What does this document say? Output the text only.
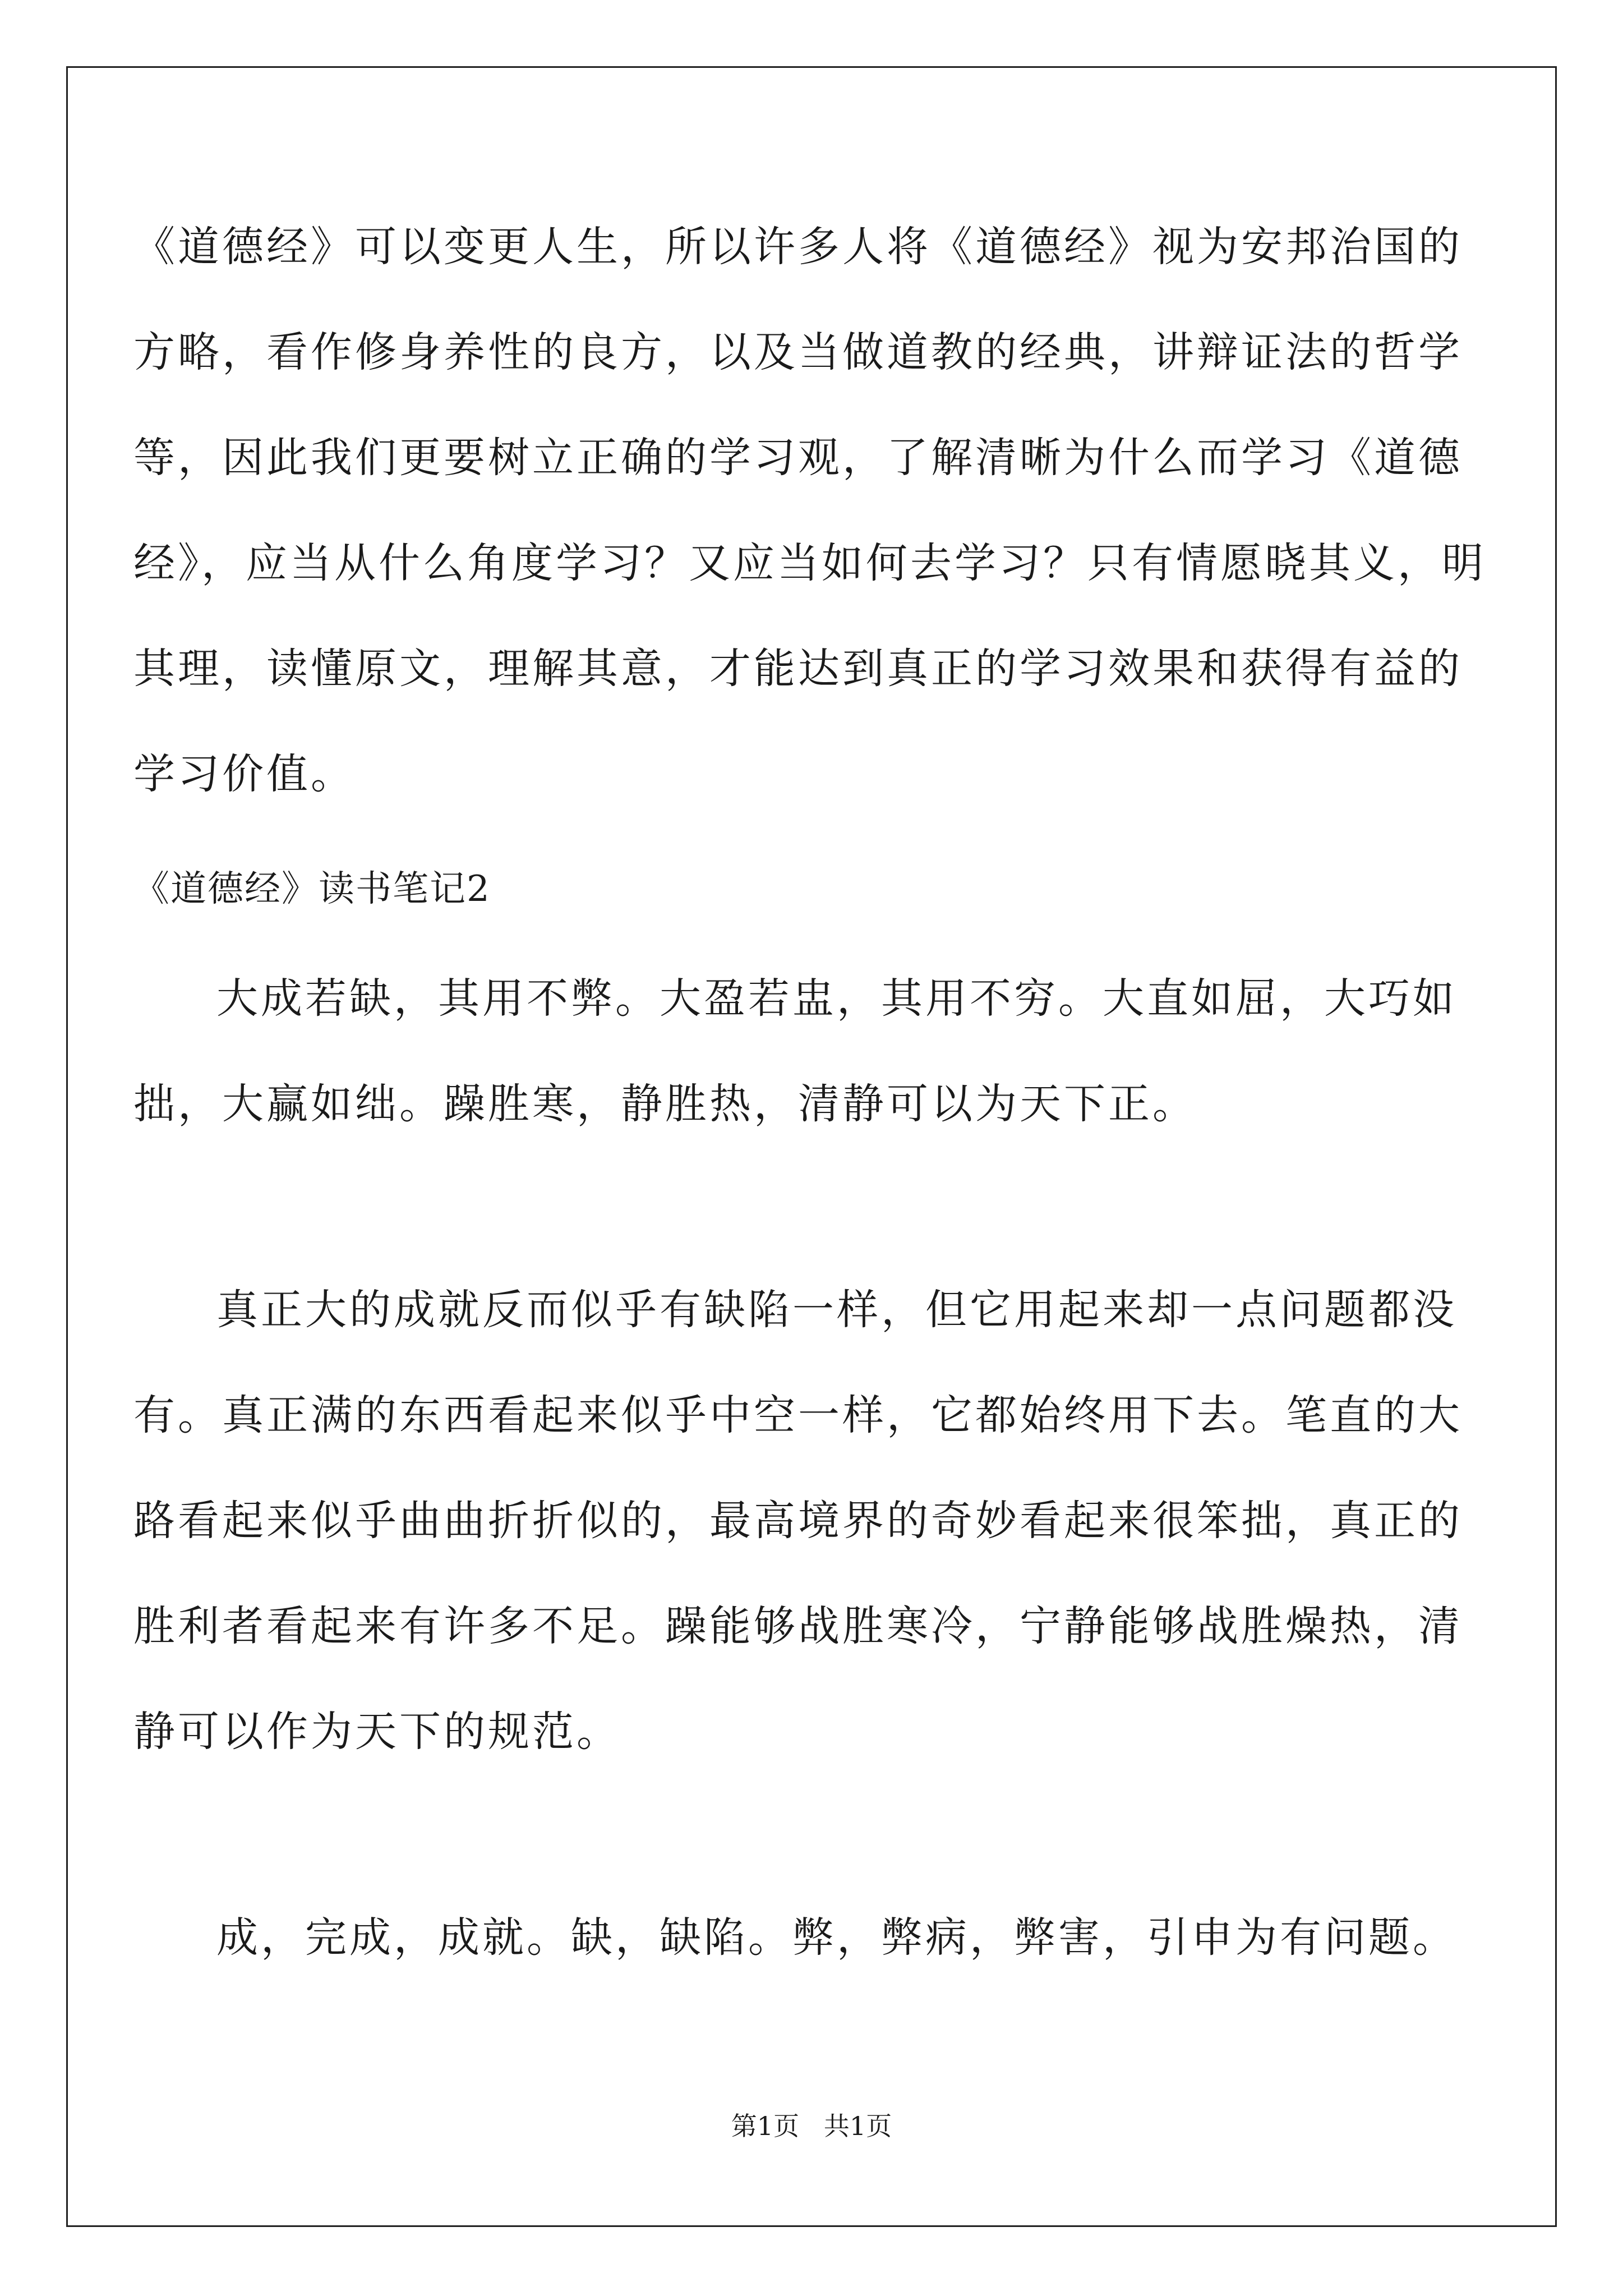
《道德经》可以变更人生，所以许多人将《道德经》视为安邦治国的
方略，看作修身养性的良方，以及当做道教的经典，讲辩证法的哲学
等，因此我们更要树立正确的学习观，了解清晰为什么而学习《道德
经》，应当从什么角度学习？又应当如何去学习？只有情愿晓其义，明
其理，读懂原文，理解其意，才能达到真正的学习效果和获得有益的
学习价值。
《道德经》读书笔记2
大成若缺，其用不弊。大盈若盅，其用不穷。大直如屈，大巧如
拙，大赢如绌。躁胜寒，静胜热，清静可以为天下正。
真正大的成就反而似乎有缺陷一样，但它用起来却一点问题都没
有。真正满的东西看起来似乎中空一样，它都始终用下去。笔直的大
路看起来似乎曲曲折折似的，最高境界的奇妙看起来很笨拙，真正的
胜利者看起来有许多不足。躁能够战胜寒冷，宁静能够战胜燥热，清
静可以作为天下的规范。
成，完成，成就。缺，缺陷。弊，弊病，弊害，引申为有问题。
第1页   共1页
